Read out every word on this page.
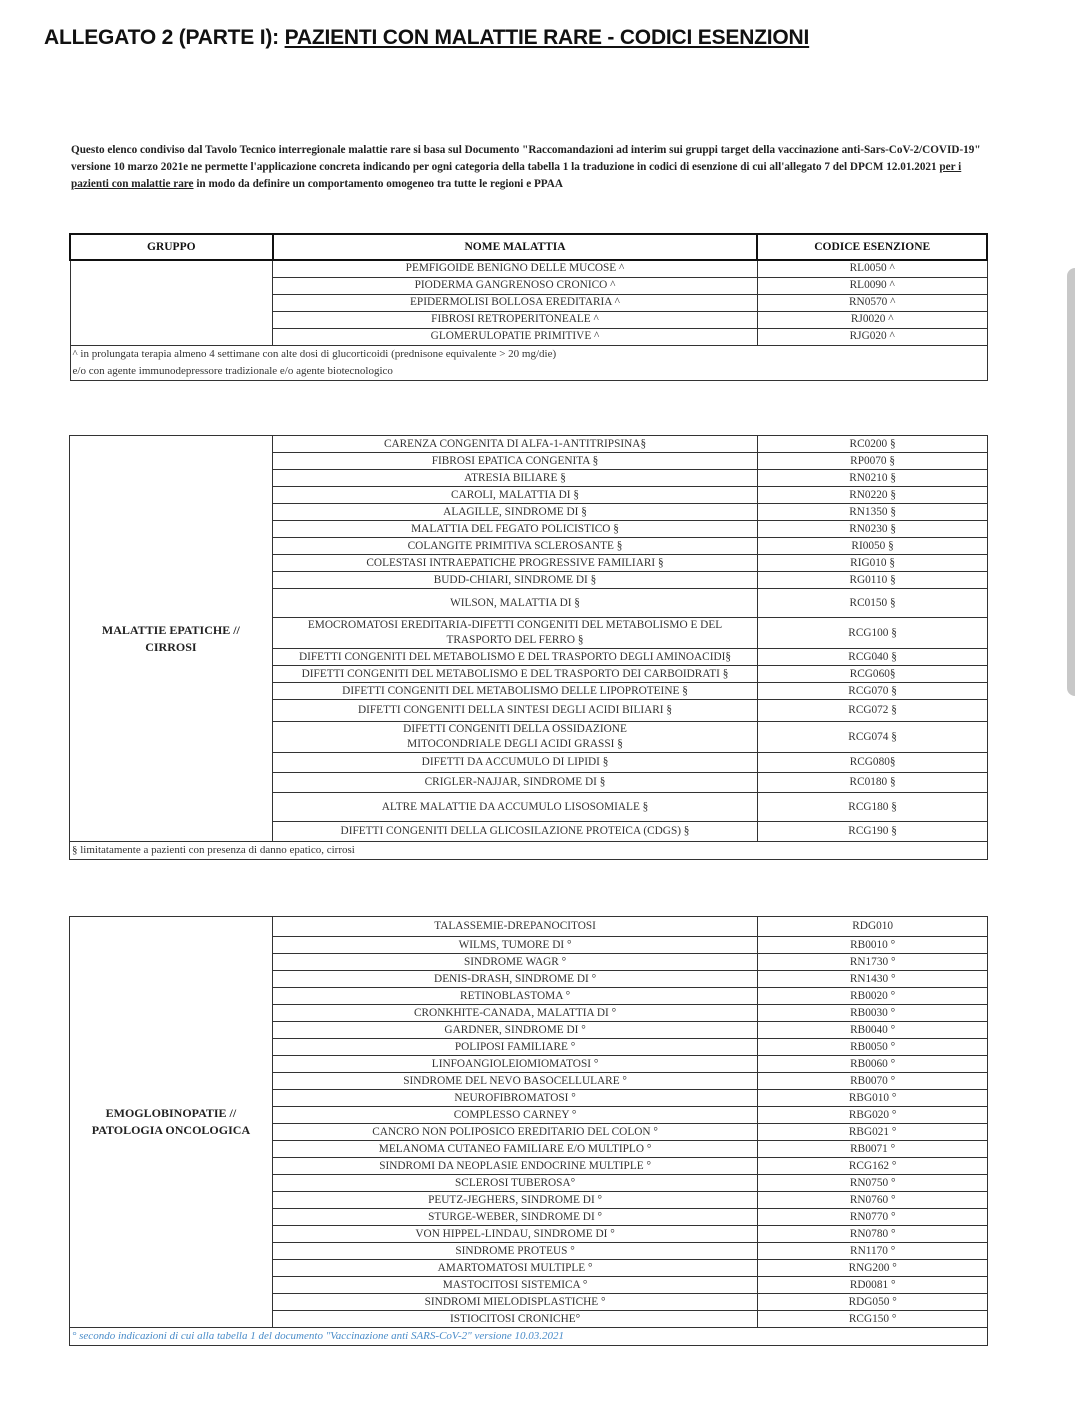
ALLEGATO 2 (PARTE I): PAZIENTI CON MALATTIE RARE - CODICI ESENZIONI
Questo elenco condiviso dal Tavolo Tecnico interregionale malattie rare si basa sul Documento "Raccomandazioni ad interim sui gruppi target della vaccinazione anti-Sars-CoV-2/COVID-19" versione 10 marzo 2021e ne permette l'applicazione concreta indicando per ogni categoria della tabella 1 la traduzione in codici di esenzione di cui all'allegato 7 del DPCM 12.01.2021 per i pazienti con malattie rare in modo da definire un comportamento omogeneo tra tutte le regioni e PPAA
GRUPPO	NOME MALATTIA	CODICE ESENZIONE
	PEMFIGOIDE BENIGNO DELLE MUCOSE ^	RL0050 ^
	PIODERMA GANGRENOSO CRONICO ^	RL0090 ^
	EPIDERMOLISI BOLLOSA EREDITARIA ^	RN0570 ^
	FIBROSI RETROPERITONEALE ^	RJ0020 ^
	GLOMERULOPATIE PRIMITIVE ^	RJG020 ^
^ in prolungata terapia almeno 4 settimane con alte dosi di glucorticoidi (prednisone equivalente > 20 mg/die)
e/o con agente immunodepressore tradizionale e/o agente biotecnologico		
MALATTIE EPATICHE //
CIRROSI	CARENZA CONGENITA DI ALFA-1-ANTITRIPSINA§	RC0200 §
	FIBROSI EPATICA CONGENITA §	RP0070 §
	ATRESIA BILIARE §	RN0210 §
	CAROLI, MALATTIA DI §	RN0220 §
	ALAGILLE, SINDROME DI §	RN1350 §
	MALATTIA DEL FEGATO POLICISTICO §	RN0230 §
	COLANGITE PRIMITIVA SCLEROSANTE §	RI0050 §
	COLESTASI INTRAEPATICHE PROGRESSIVE FAMILIARI §	RIG010 §
	BUDD-CHIARI, SINDROME DI §	RG0110 §
	WILSON, MALATTIA DI §	RC0150 §
	EMOCROMATOSI EREDITARIA-DIFETTI CONGENITI DEL METABOLISMO E DEL TRASPORTO DEL FERRO §	RCG100 §
	DIFETTI CONGENITI DEL METABOLISMO E DEL TRASPORTO DEGLI AMINOACIDI§	RCG040 §
	DIFETTI CONGENITI DEL METABOLISMO E DEL TRASPORTO DEI CARBOIDRATI §	RCG060§
	DIFETTI CONGENITI DEL METABOLISMO DELLE LIPOPROTEINE §	RCG070 §
	DIFETTI CONGENITI DELLA SINTESI DEGLI ACIDI BILIARI §	RCG072 §
	DIFETTI CONGENITI DELLA OSSIDAZIONE
MITOCONDRIALE DEGLI ACIDI GRASSI §	RCG074 §
	DIFETTI DA ACCUMULO DI LIPIDI §	RCG080§
	CRIGLER-NAJJAR, SINDROME DI §	RC0180 §
	ALTRE MALATTIE DA ACCUMULO LISOSOMIALE §	RCG180 §
	DIFETTI CONGENITI DELLA GLICOSILAZIONE PROTEICA (CDGS) §	RCG190 §
§ limitatamente a pazienti con presenza di danno epatico, cirrosi		
EMOGLOBINOPATIE //
PATOLOGIA ONCOLOGICA	TALASSEMIE-DREPANOCITOSI	RDG010
	WILMS, TUMORE DI °	RB0010 °
	SINDROME WAGR °	RN1730 °
	DENIS-DRASH, SINDROME DI °	RN1430 °
	RETINOBLASTOMA °	RB0020 °
	CRONKHITE-CANADA, MALATTIA DI °	RB0030 °
	GARDNER, SINDROME DI °	RB0040 °
	POLIPOSI FAMILIARE °	RB0050 °
	LINFOANGIOLEIOMIOMATOSI °	RB0060 °
	SINDROME DEL NEVO BASOCELLULARE °	RB0070 °
	NEUROFIBROMATOSI °	RBG010 °
	COMPLESSO CARNEY °	RBG020 °
	CANCRO NON POLIPOSICO EREDITARIO DEL COLON °	RBG021 °
	MELANOMA CUTANEO FAMILIARE E/O MULTIPLO °	RB0071 °
	SINDROMI DA NEOPLASIE ENDOCRINE MULTIPLE °	RCG162 °
	SCLEROSI TUBEROSA°	RN0750 °
	PEUTZ-JEGHERS, SINDROME DI °	RN0760 °
	STURGE-WEBER, SINDROME DI °	RN0770 °
	VON HIPPEL-LINDAU, SINDROME DI °	RN0780 °
	SINDROME PROTEUS °	RN1170 °
	AMARTOMATOSI MULTIPLE °	RNG200 °
	MASTOCITOSI SISTEMICA °	RD0081 °
	SINDROMI MIELODISPLASTICHE °	RDG050 °
	ISTIOCITOSI CRONICHE°	RCG150 °
° secondo indicazioni di cui alla tabella 1 del documento "Vaccinazione anti SARS-CoV-2" versione 10.03.2021		
